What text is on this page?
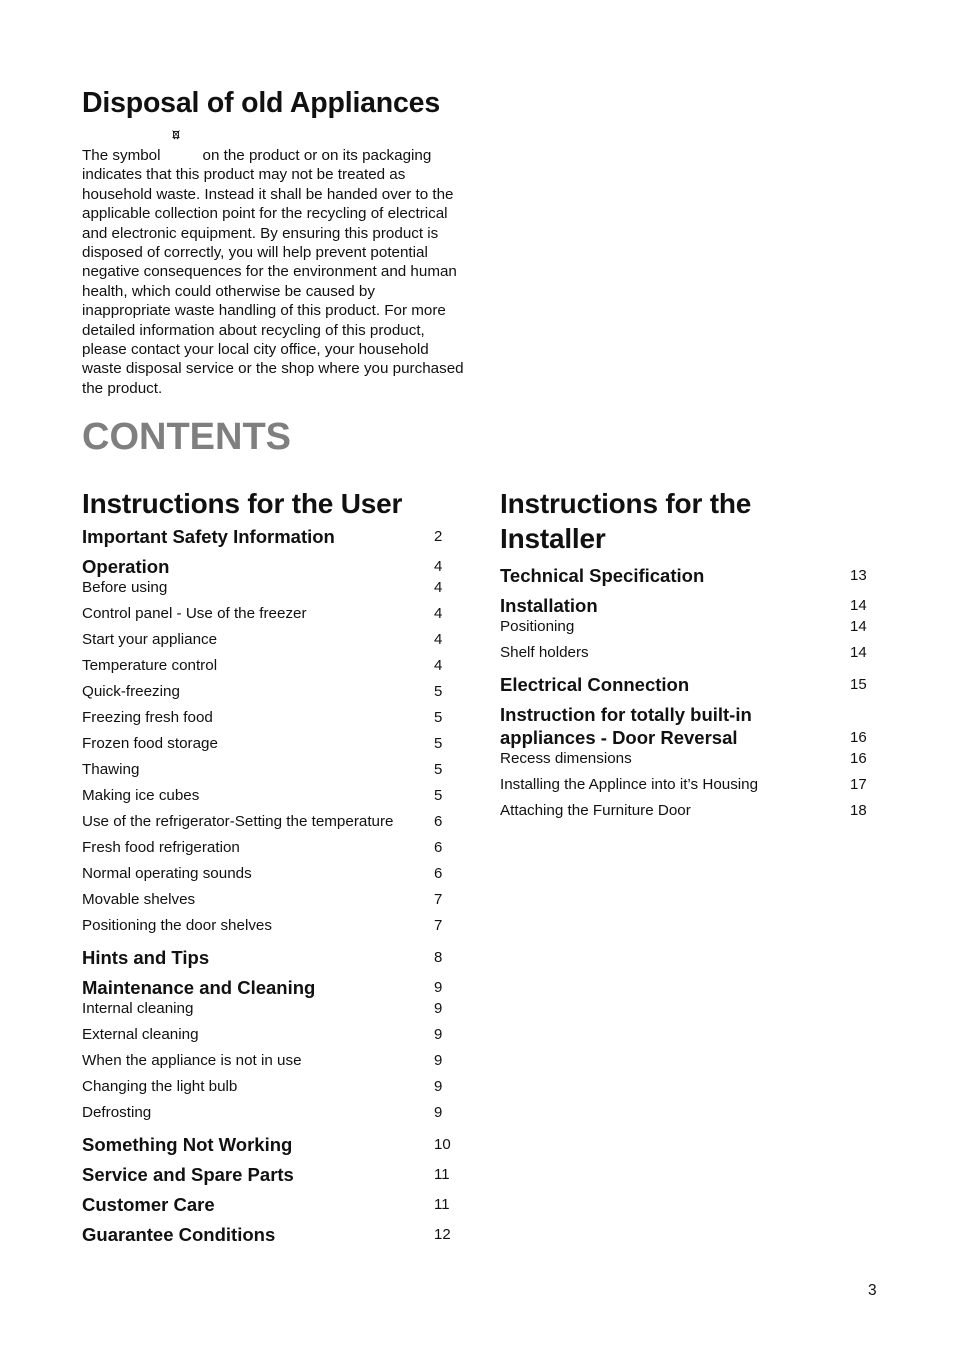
Disposal of old Appliances

The symbol	on the product or on its packaging indicates that this product may not be treated as household waste. Instead it shall be handed over to the applicable collection point for the recycling of electrical and electronic equipment. By ensuring this product is disposed of correctly, you will help prevent potential negative consequences for the environment and human health, which could otherwise be caused by inappropriate waste handling of this product. For more detailed information about recycling of this product, please contact your local city office, your household waste disposal service or the shop where you purchased the product.

CONTENTS
Instructions for the User
Important Safety Information	2
Operation	4
Before using	4
Control panel - Use of the freezer	4
Start your appliance	4
Temperature control	4
Quick-freezing	5
Freezing fresh food	5
Frozen food storage	5
Thawing	5
Making ice cubes	5
Use of the refrigerator-Setting the temperature	6
Fresh food refrigeration	6
Normal operating sounds	6
Movable shelves	7
Positioning the door shelves	7
Hints and Tips	8
Maintenance and Cleaning	9
Internal cleaning	9
External cleaning	9
When the appliance is not in use	9
Changing the light bulb	9
Defrosting	9
Something Not Working	10
Service and Spare Parts	11
Customer Care	11
Guarantee Conditions	12
Instructions for the Installer
Technical Specification	13
Installation	14
Positioning	14
Shelf holders	14
Electrical Connection	15
Instruction for totally built-in appliances - Door Reversal	16
Recess dimensions	16
Installing the Applince into it’s Housing	17
Attaching the Furniture Door	18
3
